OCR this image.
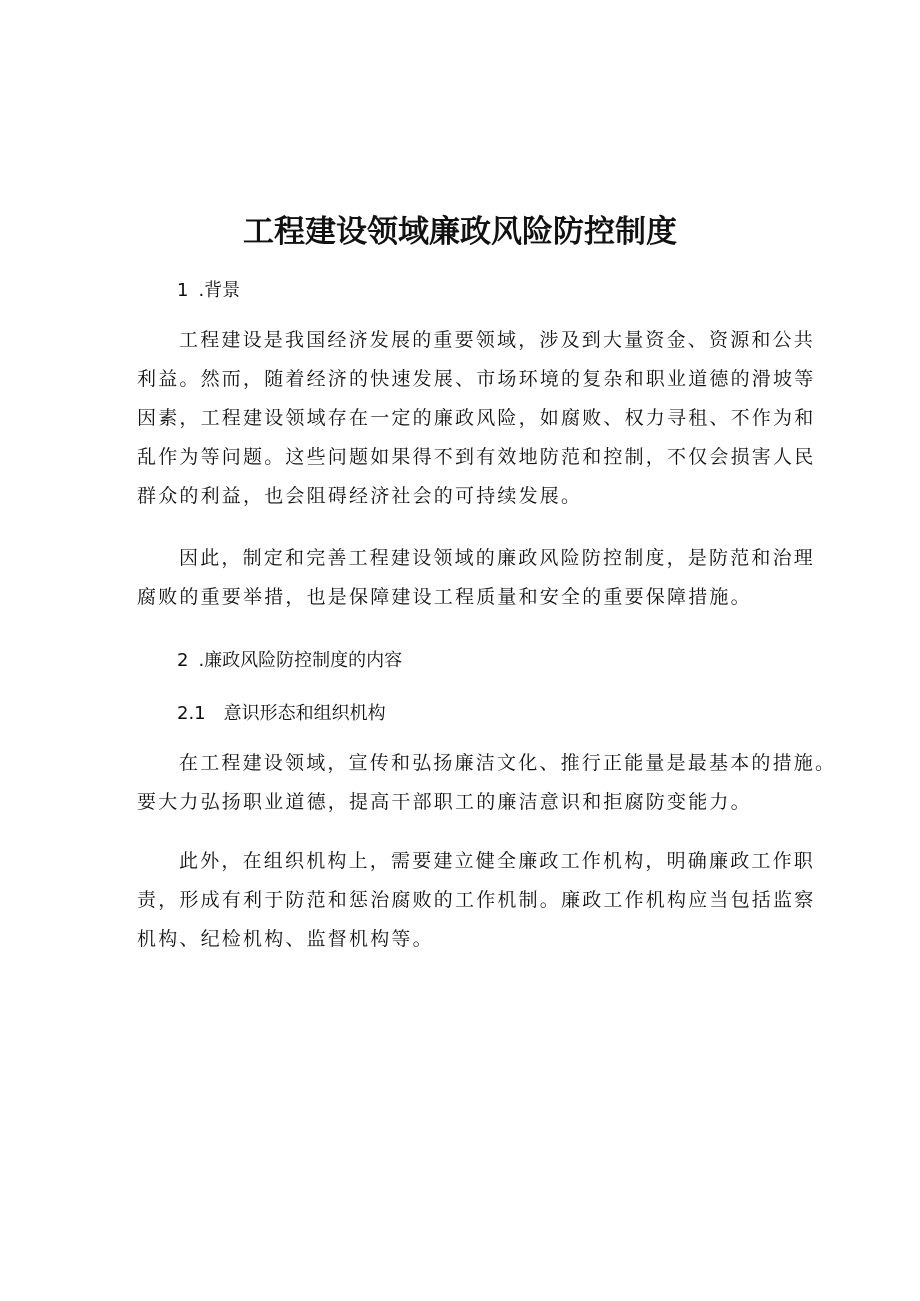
工程建设领域廉政风险防控制度
1 .背景
工程建设是我国经济发展的重要领域，涉及到大量资金、资源和公共
利益。然而，随着经济的快速发展、市场环境的复杂和职业道德的滑坡等
因素，工程建设领域存在一定的廉政风险，如腐败、权力寻租、不作为和
乱作为等问题。这些问题如果得不到有效地防范和控制，不仅会损害人民
群众的利益，也会阻碍经济社会的可持续发展。
因此，制定和完善工程建设领域的廉政风险防控制度，是防范和治理
腐败的重要举措，也是保障建设工程质量和安全的重要保障措施。
2 .廉政风险防控制度的内容
2.1 意识形态和组织机构
在工程建设领域，宣传和弘扬廉洁文化、推行正能量是最基本的措施。
要大力弘扬职业道德，提高干部职工的廉洁意识和拒腐防变能力。
此外，在组织机构上，需要建立健全廉政工作机构，明确廉政工作职
责，形成有利于防范和惩治腐败的工作机制。廉政工作机构应当包括监察
机构、纪检机构、监督机构等。
